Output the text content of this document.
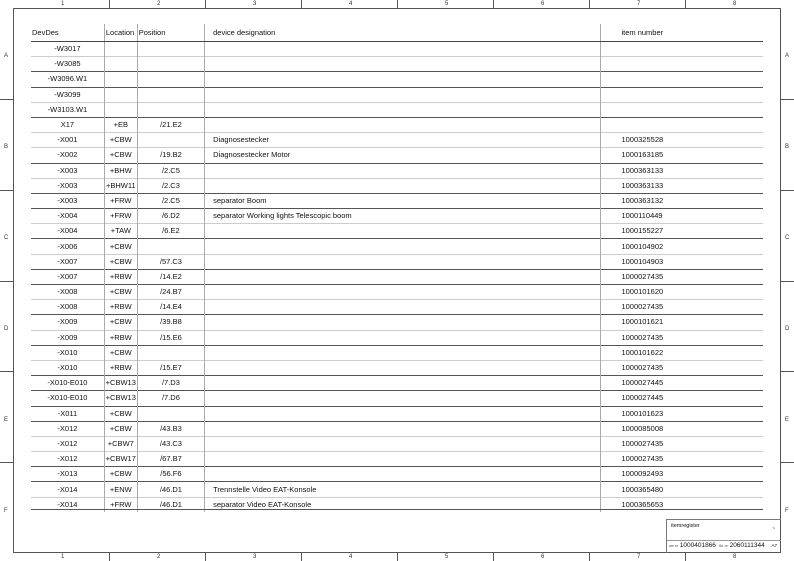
1	2	3	4	5	6	7	8
1	2	3	4	5	6	7	8
A
B
C
D
E
F
A
B
C
D
E
F
DevDes	Location	Position	device designation	item number
-W3017				
-W3085				
-W3096.W1				
-W3099				
-W3103.W1				
X17	+EB	/21.E2		
-X001	+CBW		Diagnosestecker	1000325528
-X002	+CBW	/19.B2	Diagnosestecker Motor	1000163185
-X003	+BHW	/2.C5		1000363133
-X003	+BHW11	/2.C3		1000363133
-X003	+FRW	/2.C5	separator Boom	1000363132
-X004	+FRW	/6.D2	separator Working lights Telescopic boom	1000110449
-X004	+TAW	/6.E2		1000155227
-X006	+CBW			1000104902
-X007	+CBW	/57.C3		1000104903
-X007	+RBW	/14.E2		1000027435
-X008	+CBW	/24.B7		1000101620
-X008	+RBW	/14.E4		1000027435
-X009	+CBW	/39.B8		1000101621
-X009	+RBW	/15.E6		1000027435
-X010	+CBW			1000101622
-X010	+RBW	/15.E7		1000027435
-X010-E010	+CBW13	/7.D3		1000027445
-X010-E010	+CBW13	/7.D6		1000027445
-X011	+CBW			1000101623
-X012	+CBW	/43.B3		1000085008
-X012	+CBW7	/43.C3		1000027435
-X012	+CBW17	/67.B7		1000027435
-X013	+CBW	/56.F6		1000092493
-X014	+ENW	/46.D1	Trennstelle Video EAT-Konsole	1000365480
-X014	+FRW	/46.D1	separator Video EAT-Konsole	1000365653
itemregister	~
am nr 1000401866 lfd. nr 2060111344 A7
